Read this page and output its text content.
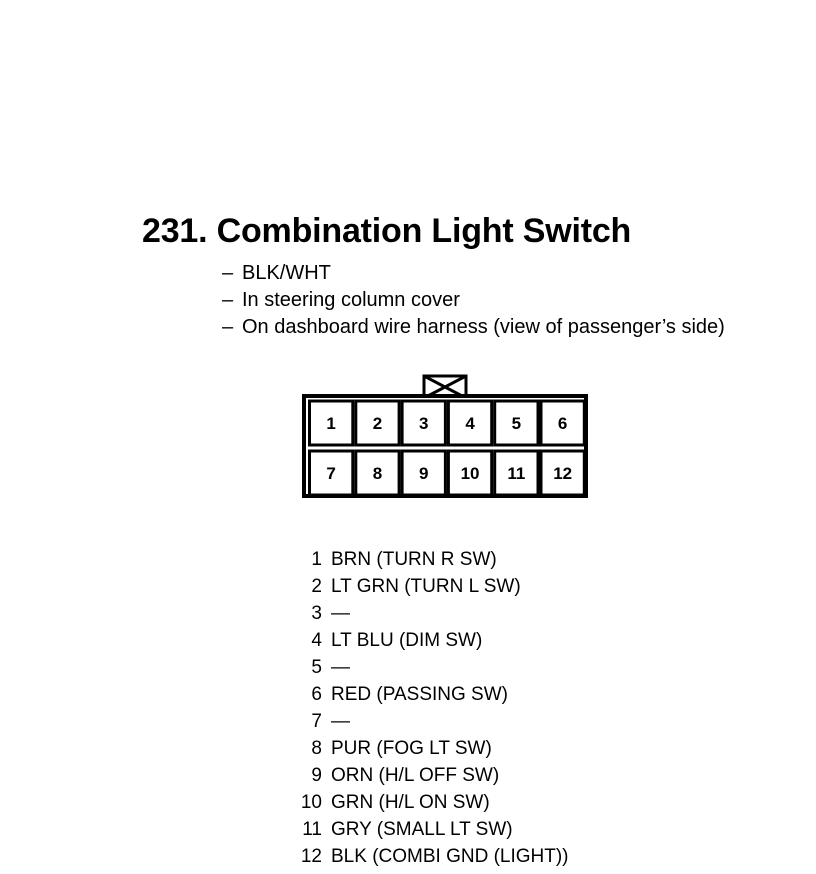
231. Combination Light Switch
– BLK/WHT
– In steering column cover
– On dashboard wire harness (view of passenger’s side)
1 2 3 4 5 6
7 8 9 10 11 12
1 BRN (TURN R SW)
2 LT GRN (TURN L SW)
3 —
4 LT BLU (DIM SW)
5 —
6 RED (PASSING SW)
7 —
8 PUR (FOG LT SW)
9 ORN (H/L OFF SW)
10 GRN (H/L ON SW)
11 GRY (SMALL LT SW)
12 BLK (COMBI GND (LIGHT))
